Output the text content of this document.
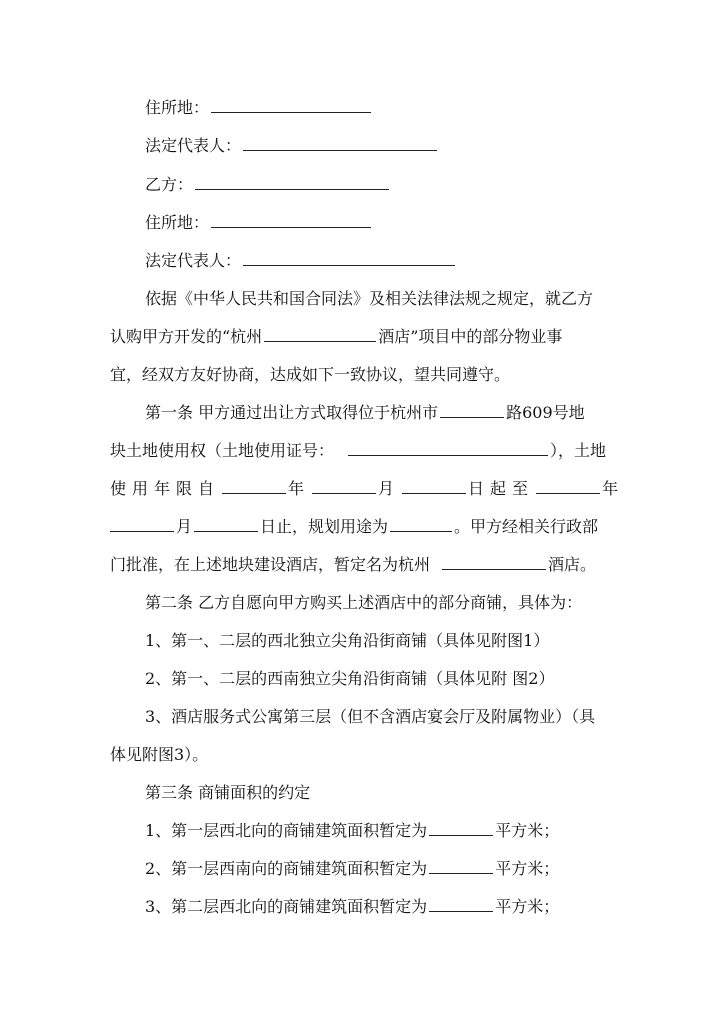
住所地：
法定代表人：
乙方：
住所地：
法定代表人：
依据《中华人民共和国合同法》及相关法律法规之规定，就乙方
认购甲方开发的“杭州	酒店”项目中的部分物业事
宜，经双方友好协商，达成如下一致协议，望共同遵守。
第一条 甲方通过出让方式取得位于杭州市	路609号地
块土地使用权（土地使用证号：	），土地
使用年限自	年	月	日起至	年
月	日止，规划用途为	。甲方经相关行政部
门批准，在上述地块建设酒店，暂定名为杭州	酒店。
第二条 乙方自愿向甲方购买上述酒店中的部分商铺，具体为：
1、第一、二层的西北独立尖角沿街商铺（具体见附图1）
2、第一、二层的西南独立尖角沿街商铺（具体见附 图2）
3、酒店服务式公寓第三层（但不含酒店宴会厅及附属物业）（具
体见附图3）。
第三条 商铺面积的约定
1、第一层西北向的商铺建筑面积暂定为	平方米；
2、第一层西南向的商铺建筑面积暂定为	平方米；
3、第二层西北向的商铺建筑面积暂定为	平方米；
